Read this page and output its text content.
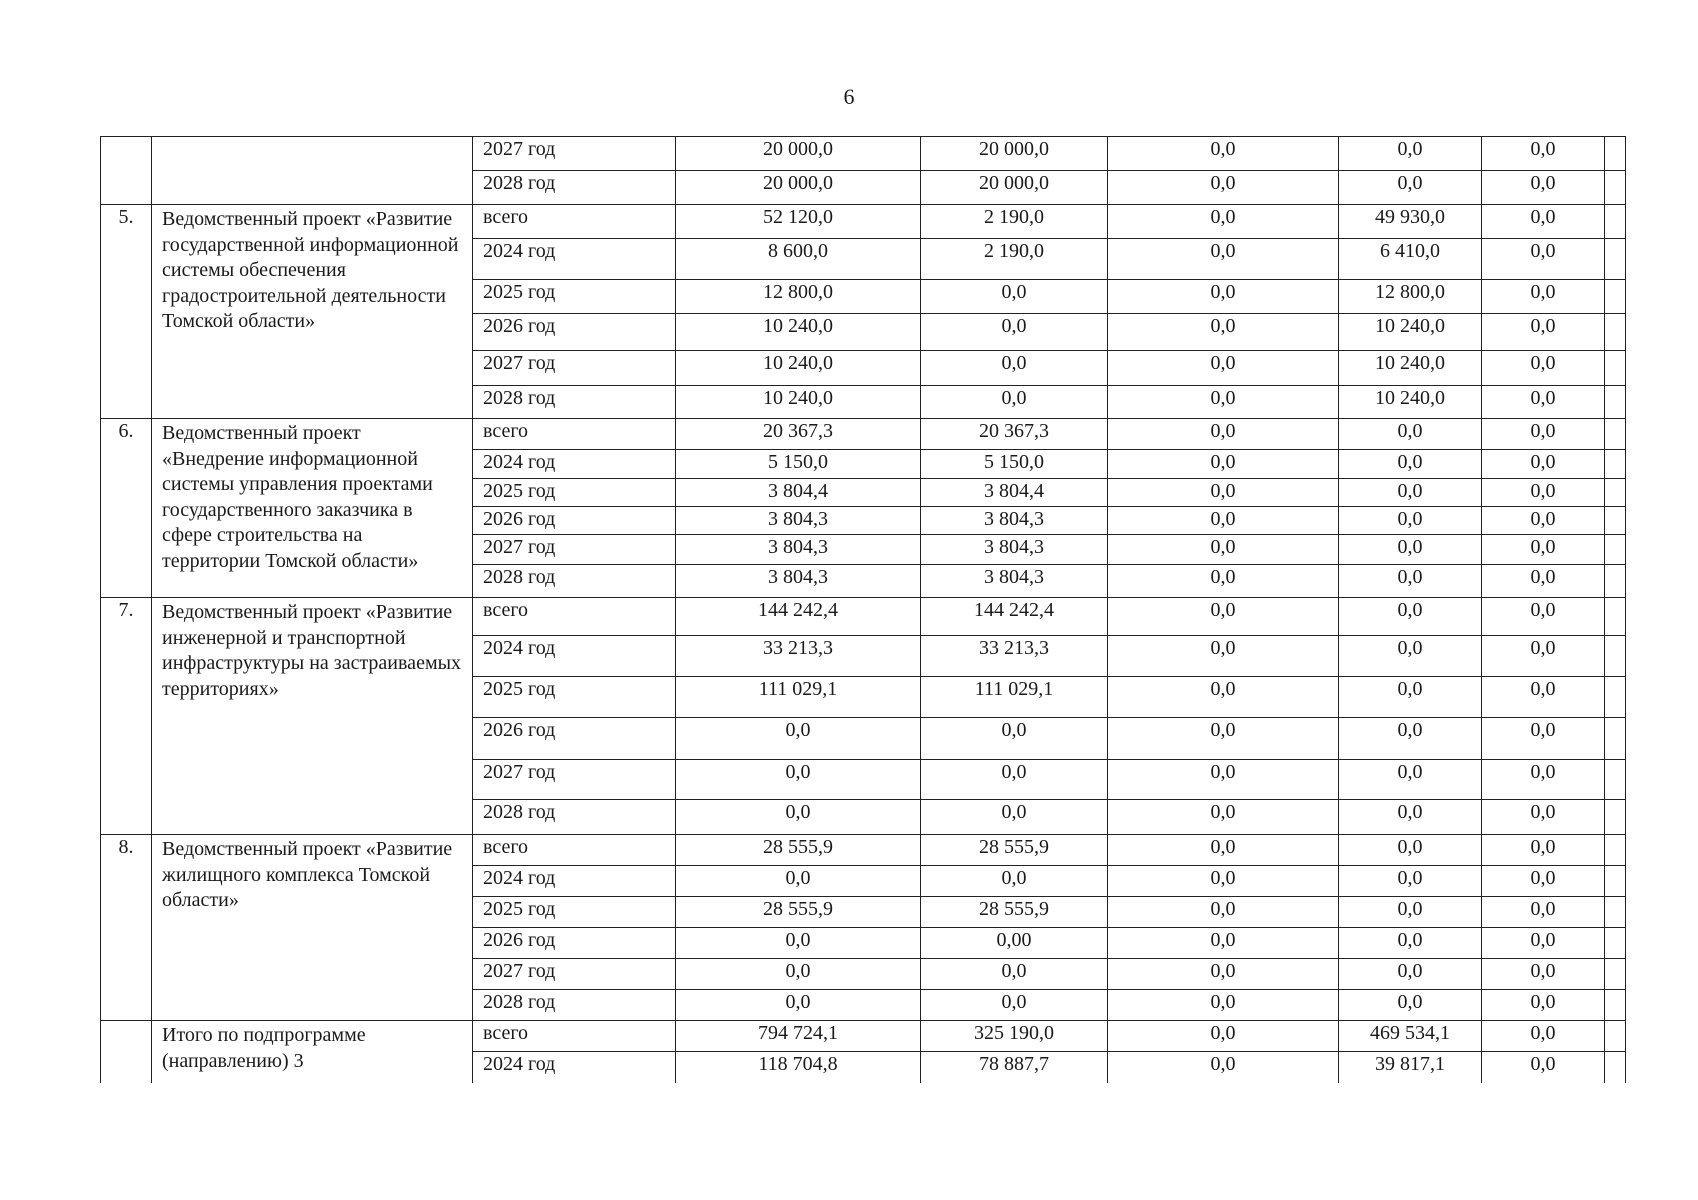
6
		2027 год	20 000,0	20 000,0	0,0	0,0	0,0	
		2028 год	20 000,0	20 000,0	0,0	0,0	0,0	
5.	Ведомственный проект «Развитие государственной информационной системы обеспечения градостроительной деятельности Томской области»	всего	52 120,0	2 190,0	0,0	49 930,0	0,0	
		2024 год	8 600,0	2 190,0	0,0	6 410,0	0,0	
		2025 год	12 800,0	0,0	0,0	12 800,0	0,0	
		2026 год	10 240,0	0,0	0,0	10 240,0	0,0	
		2027 год	10 240,0	0,0	0,0	10 240,0	0,0	
		2028 год	10 240,0	0,0	0,0	10 240,0	0,0	
6.	Ведомственный проект «Внедрение информационной системы управления проектами государственного заказчика в сфере строительства на территории Томской области»	всего	20 367,3	20 367,3	0,0	0,0	0,0	
		2024 год	5 150,0	5 150,0	0,0	0,0	0,0	
		2025 год	3 804,4	3 804,4	0,0	0,0	0,0	
		2026 год	3 804,3	3 804,3	0,0	0,0	0,0	
		2027 год	3 804,3	3 804,3	0,0	0,0	0,0	
		2028 год	3 804,3	3 804,3	0,0	0,0	0,0	
7.	Ведомственный проект «Развитие инженерной и транспортной инфраструктуры на застраиваемых территориях»	всего	144 242,4	144 242,4	0,0	0,0	0,0	
		2024 год	33 213,3	33 213,3	0,0	0,0	0,0	
		2025 год	111 029,1	111 029,1	0,0	0,0	0,0	
		2026 год	0,0	0,0	0,0	0,0	0,0	
		2027 год	0,0	0,0	0,0	0,0	0,0	
		2028 год	0,0	0,0	0,0	0,0	0,0	
8.	Ведомственный проект «Развитие жилищного комплекса Томской области»	всего	28 555,9	28 555,9	0,0	0,0	0,0	
		2024 год	0,0	0,0	0,0	0,0	0,0	
		2025 год	28 555,9	28 555,9	0,0	0,0	0,0	
		2026 год	0,0	0,00	0,0	0,0	0,0	
		2027 год	0,0	0,0	0,0	0,0	0,0	
		2028 год	0,0	0,0	0,0	0,0	0,0	
	Итого по подпрограмме (направлению) 3	всего	794 724,1	325 190,0	0,0	469 534,1	0,0	
		2024 год	118 704,8	78 887,7	0,0	39 817,1	0,0	
